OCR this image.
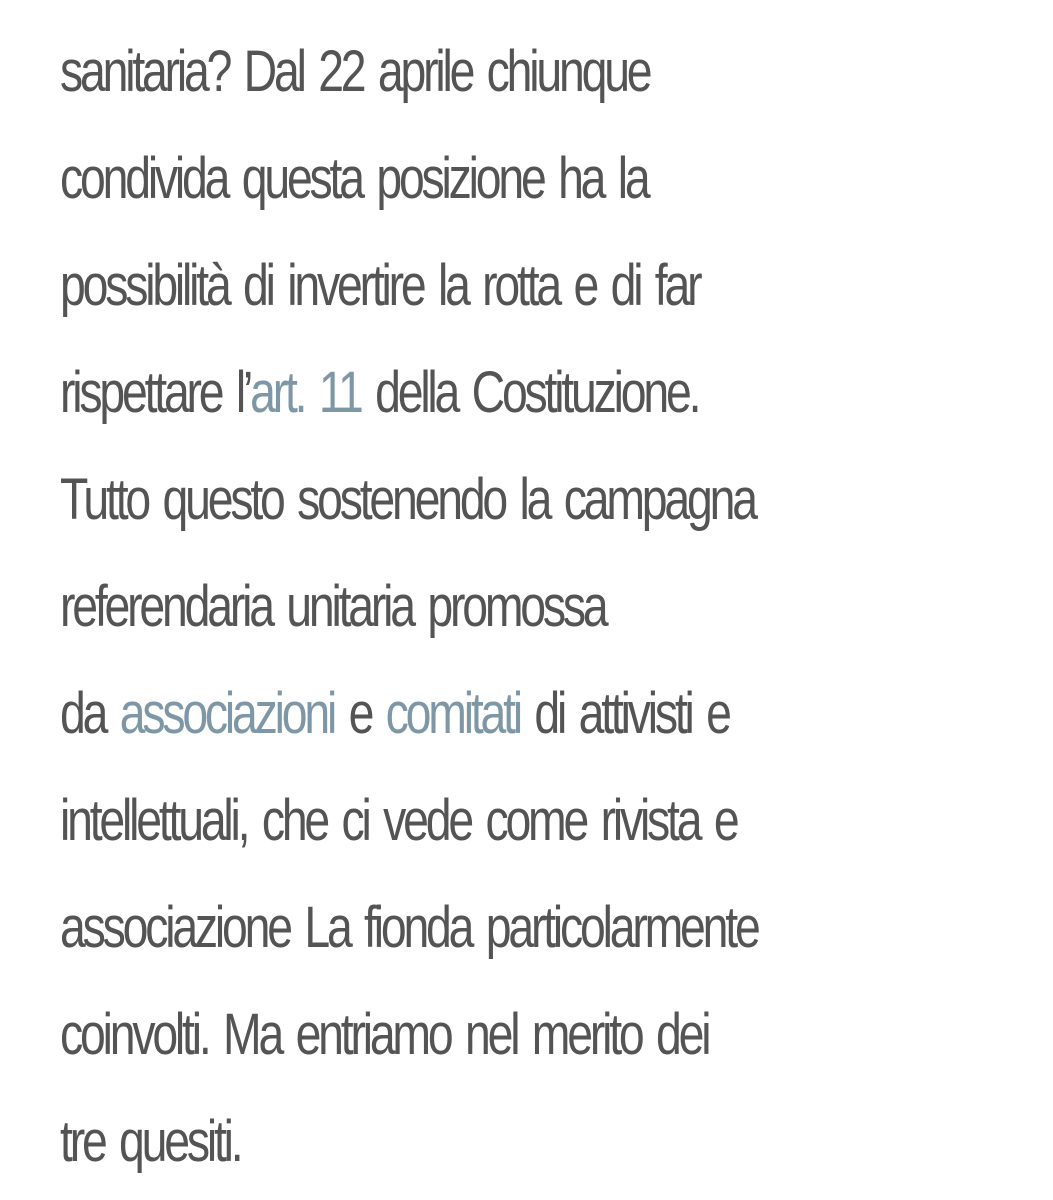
sanitaria? Dal 22 aprile chiunque
condivida questa posizione ha la
possibilità di invertire la rotta e di far
rispettare l’art. 11 della Costituzione.
Tutto questo sostenendo la campagna
referendaria unitaria promossa
da associazioni e comitati di attivisti e
intellettuali, che ci vede come rivista e
associazione La fionda particolarmente
coinvolti. Ma entriamo nel merito dei
tre quesiti.
